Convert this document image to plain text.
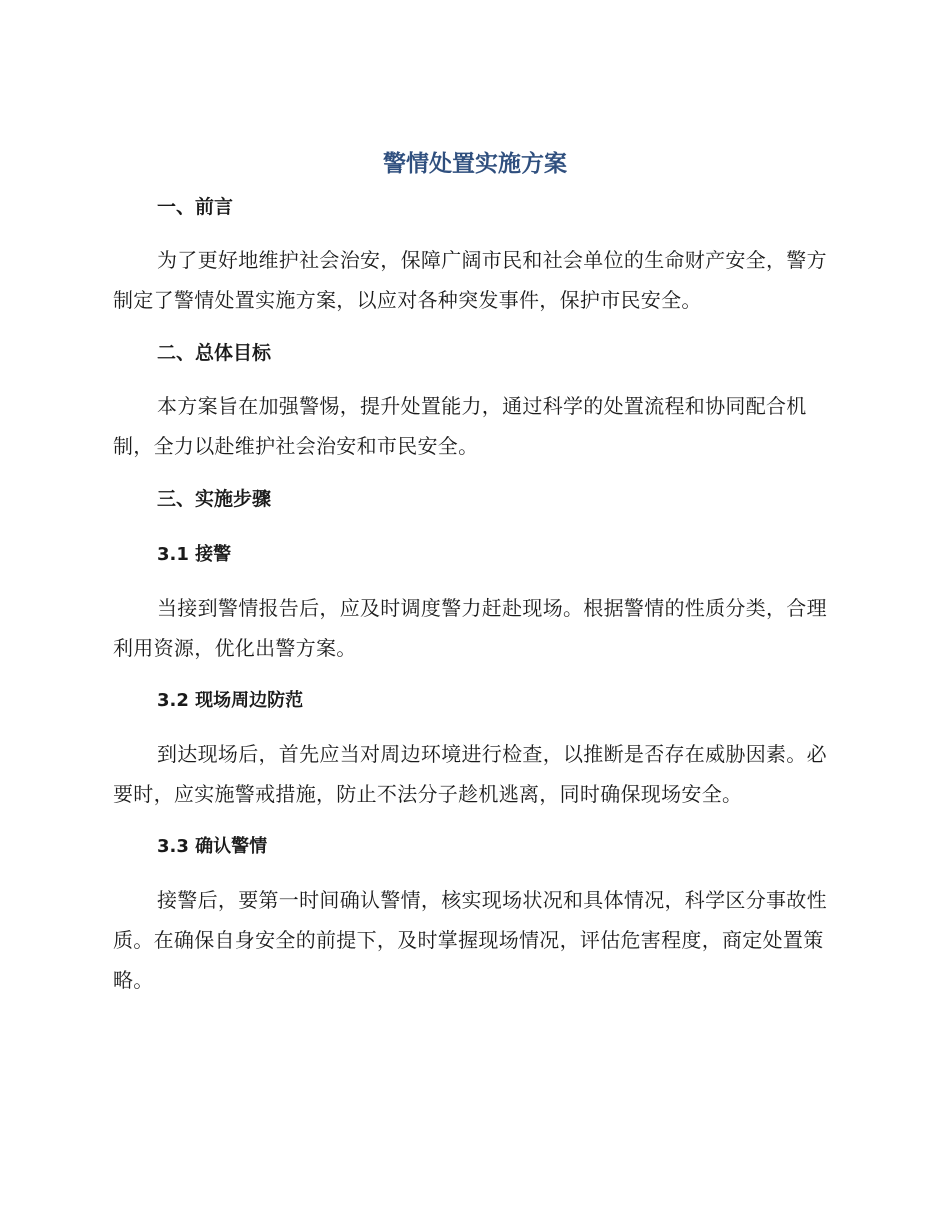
警情处置实施方案
一、前言

为了更好地维护社会治安，保障广阔市民和社会单位的生命财产安全，警方制定了警情处置实施方案，以应对各种突发事件，保护市民安全。

二、总体目标

本方案旨在加强警惕，提升处置能力，通过科学的处置流程和协同配合机制，全力以赴维护社会治安和市民安全。

三、实施步骤
3.1 接警

当接到警情报告后，应及时调度警力赶赴现场。根据警情的性质分类，合理利用资源，优化出警方案。

3.2 现场周边防范

到达现场后，首先应当对周边环境进行检查，以推断是否存在威胁因素。必要时，应实施警戒措施，防止不法分子趁机逃离，同时确保现场安全。

3.3 确认警情

接警后，要第一时间确认警情，核实现场状况和具体情况，科学区分事故性质。在确保自身安全的前提下，及时掌握现场情况，评估危害程度，商定处置策略。
